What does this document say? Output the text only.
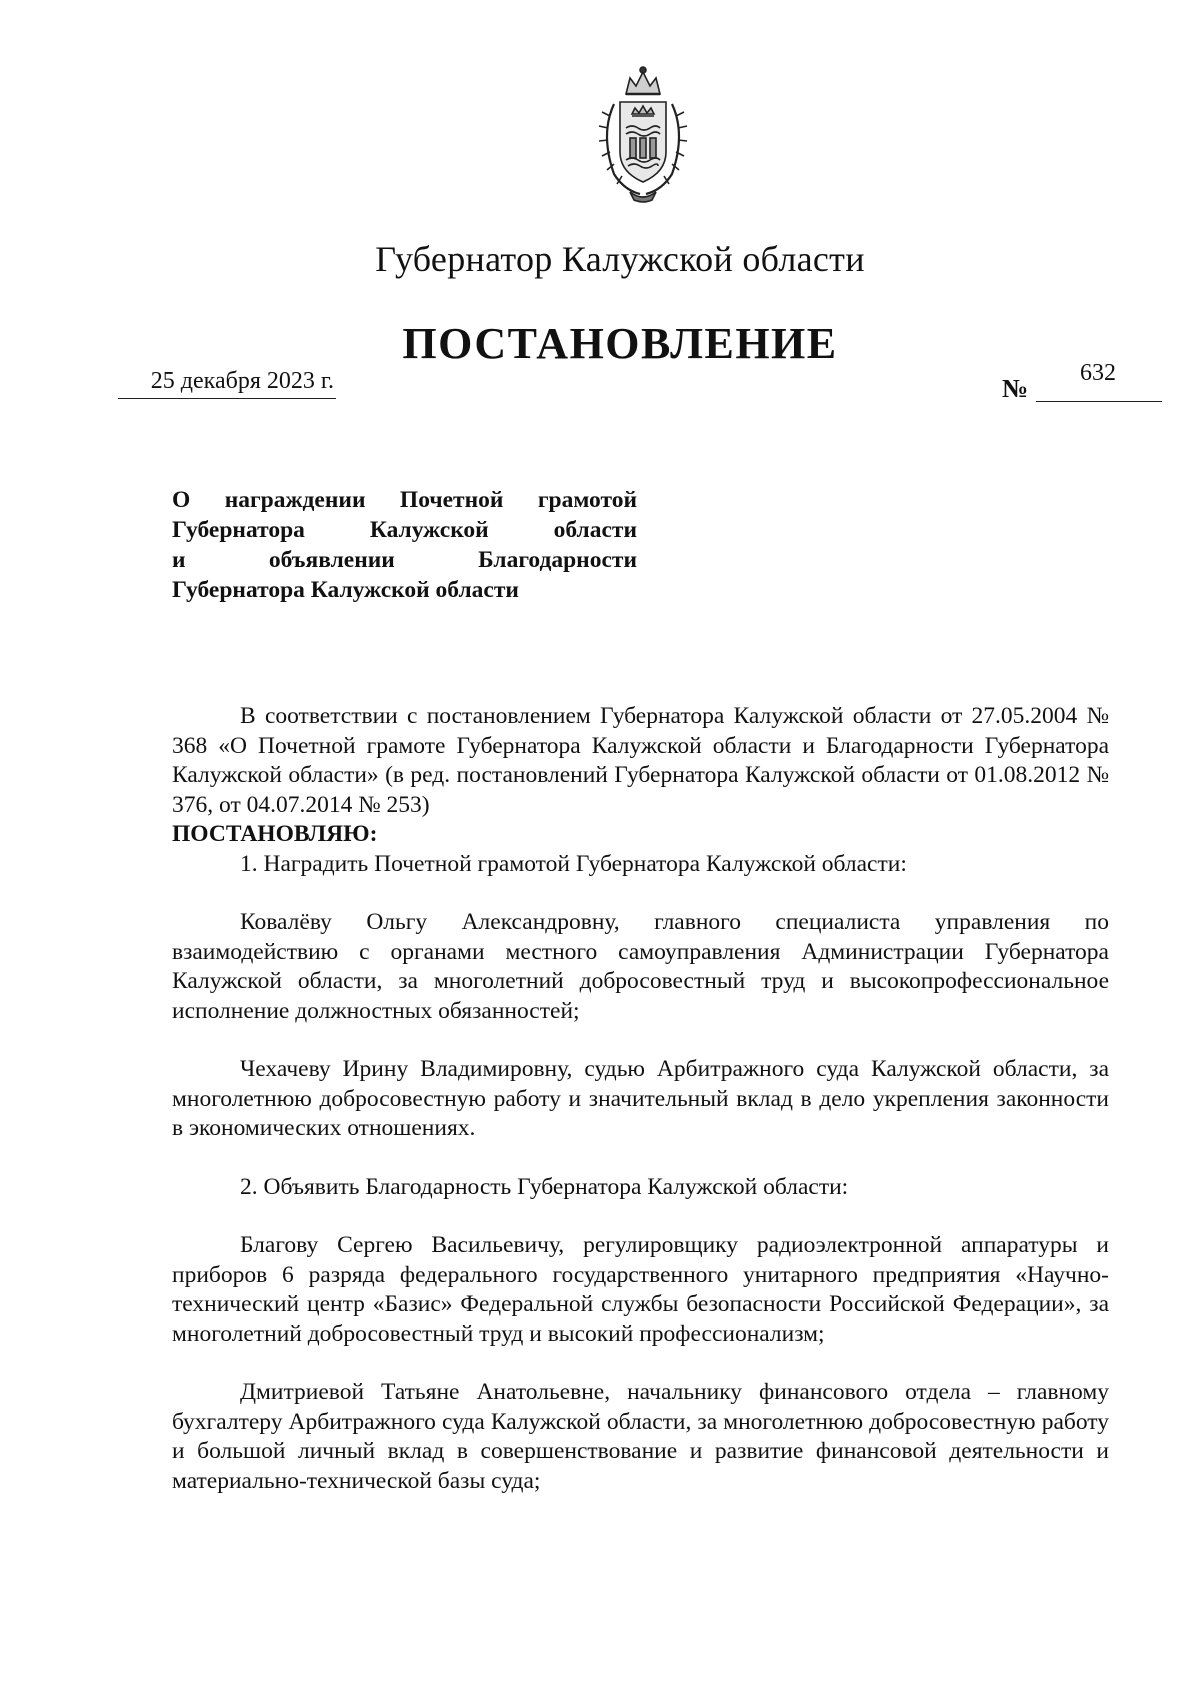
Губернатор Калужской области
ПОСТАНОВЛЕНИЕ
25 декабря 2023 г.	№
632
О награждении Почетной грамотой
Губернатора Калужской области
и объявлении Благодарности
Губернатора Калужской области

В соответствии с постановлением Губернатора Калужской области от 27.05.2004 № 368 «О Почетной грамоте Губернатора Калужской области и Благодарности Губернатора Калужской области» (в ред. постановлений Губернатора Калужской области от 01.08.2012 № 376, от 04.07.2014 № 253)

ПОСТАНОВЛЯЮ:

1. Наградить Почетной грамотой Губернатора Калужской области:

Ковалёву Ольгу Александровну, главного специалиста управления по взаимодействию с органами местного самоуправления Администрации Губернатора Калужской области, за многолетний добросовестный труд и высокопрофессиональное исполнение должностных обязанностей;

Чехачеву Ирину Владимировну, судью Арбитражного суда Калужской области, за многолетнюю добросовестную работу и значительный вклад в дело укрепления законности в экономических отношениях.

2. Объявить Благодарность Губернатора Калужской области:

Благову Сергею Васильевичу, регулировщику радиоэлектронной аппаратуры и приборов 6 разряда федерального государственного унитарного предприятия «Научно-технический центр «Базис» Федеральной службы безопасности Российской Федерации», за многолетний добросовестный труд и высокий профессионализм;

Дмитриевой Татьяне Анатольевне, начальнику финансового отдела – главному бухгалтеру Арбитражного суда Калужской области, за многолетнюю добросовестную работу и большой личный вклад в совершенствование и развитие финансовой деятельности и материально-технической базы суда;
